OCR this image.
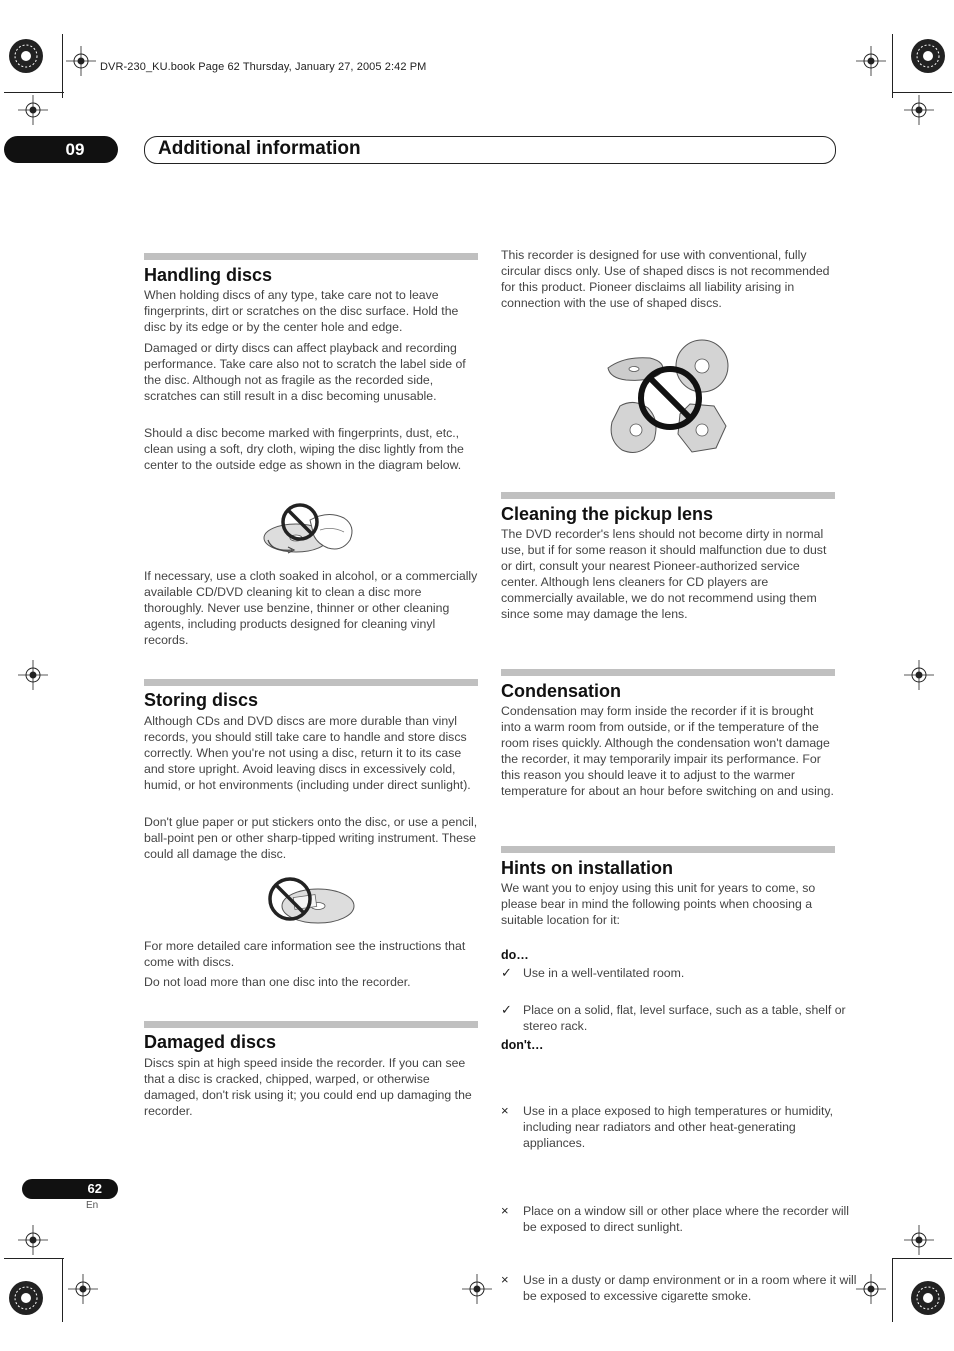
DVR-230_KU.book Page 62 Thursday, January 27, 2005 2:42 PM
09	Additional information
Handling discs

When holding discs of any type, take care not to leave fingerprints, dirt or scratches on the disc surface. Hold the disc by its edge or by the center hole and edge.

Damaged or dirty discs can affect playback and recording performance. Take care also not to scratch the label side of the disc. Although not as fragile as the recorded side, scratches can still result in a disc becoming unusable.

Should a disc become marked with fingerprints, dust, etc., clean using a soft, dry cloth, wiping the disc lightly from the center to the outside edge as shown in the diagram below.

If necessary, use a cloth soaked in alcohol, or a commercially available CD/DVD cleaning kit to clean a disc more thoroughly. Never use benzine, thinner or other cleaning agents, including products designed for cleaning vinyl records.

Storing discs

Although CDs and DVD discs are more durable than vinyl records, you should still take care to handle and store discs correctly. When you're not using a disc, return it to its case and store upright. Avoid leaving discs in excessively cold, humid, or hot environments (including under direct sunlight).

Don't glue paper or put stickers onto the disc, or use a pencil, ball-point pen or other sharp-tipped writing instrument. These could all damage the disc.

For more detailed care information see the instructions that come with discs.

Do not load more than one disc into the recorder.

Damaged discs

Discs spin at high speed inside the recorder. If you can see that a disc is cracked, chipped, warped, or otherwise damaged, don't risk using it; you could end up damaging the recorder.

This recorder is designed for use with conventional, fully circular discs only. Use of shaped discs is not recommended for this product. Pioneer disclaims all liability arising in connection with the use of shaped discs.

Cleaning the pickup lens

The DVD recorder's lens should not become dirty in normal use, but if for some reason it should malfunction due to dust or dirt, consult your nearest Pioneer-authorized service center. Although lens cleaners for CD players are commercially available, we do not recommend using them since some may damage the lens.

Condensation

Condensation may form inside the recorder if it is brought into a warm room from outside, or if the temperature of the room rises quickly. Although the condensation won't damage the recorder, it may temporarily impair its performance. For this reason you should leave it to adjust to the warmer temperature for about an hour before switching on and using.

Hints on installation

We want you to enjoy using this unit for years to come, so please bear in mind the following points when choosing a suitable location for it:

do…
✓ Use in a well-ventilated room.
✓ Place on a solid, flat, level surface, such as a table, shelf or stereo rack.
don't…
× Use in a place exposed to high temperatures or humidity, including near radiators and other heat-generating appliances.
× Place on a window sill or other place where the recorder will be exposed to direct sunlight.
× Use in a dusty or damp environment or in a room where it will be exposed to excessive cigarette smoke.
62
En
